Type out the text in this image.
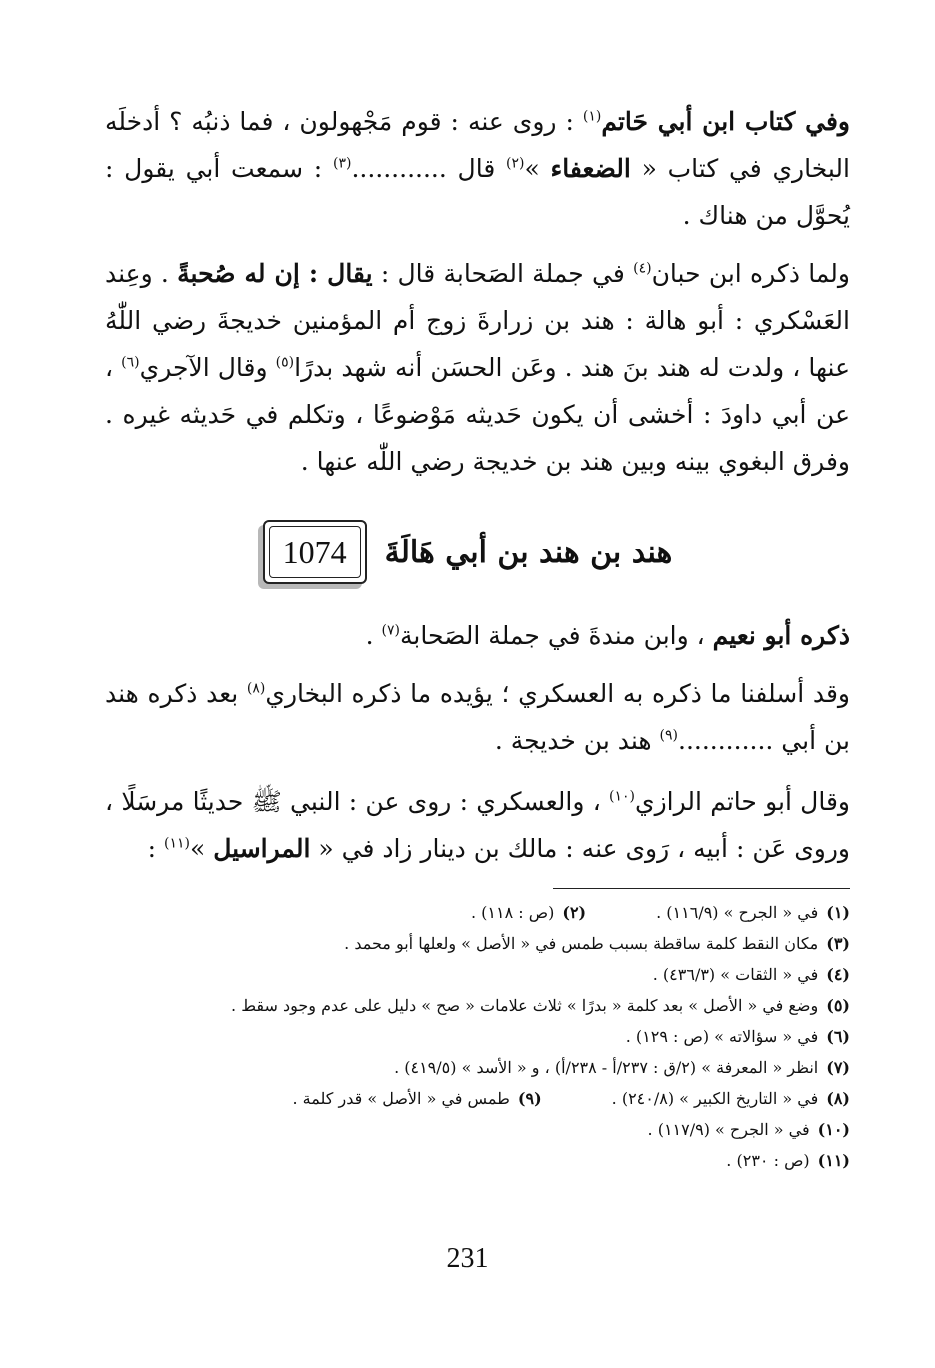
وفي كتاب ابن أبي حَاتم$^{(١)}$ : روى عنه : قوم مَجْهولون ، فما ذنبُه ؟ أدخلَه البخاري في كتاب « الضعفاء »$^{(٢)}$ قال ............$^{(٣)}$ : سمعت أبي يقول : يُحوَّل من هناك .

ولما ذكره ابن حبان$^{(٤)}$ في جملة الصَحابة قال : يقال : إن له صُحبةً . وعِند العَسْكري : أبو هالة : هند بن زرارةَ زوج أم المؤمنين خديجةَ رضي اللّٰهُ عنها ، ولدت له هند بنَ هند . وعَن الحسَن أنه شهد بدرًا$^{(٥)}$ وقال الآجري$^{(٦)}$ ، عن أبي داودَ : أخشى أن يكون حَديثه مَوْضوعًا ، وتكلم في حَديثه غيره . وفرق البغوي بينه وبين هند بن خديجة رضي اللّٰه عنها .

هند بن هند بن أبي هَالَةَ
1074

ذكره أبو نعيم ، وابن مندةَ في جملة الصَحابة$^{(٧)}$ .

وقد أسلفنا ما ذكره به العسكري ؛ يؤيده ما ذكره البخاري$^{(٨)}$ بعد ذكره هند بن أبي ............$^{(٩)}$ هند بن خديجة .

وقال أبو حاتم الرازي$^{(١٠)}$ ، والعسكري : روى عن : النبي ﷺ حديثًا مرسَلًا ، وروى عَن : أبيه ، رَوى عنه : مالك بن دينار زاد في « المراسيل »$^{(١١)}$ :

(١)في « الجرح » (١١٦/٩) .(٢)(ص : ١١٨) .
(٣)مكان النقط كلمة ساقطة بسبب طمس في « الأصل » ولعلها أبو محمد .
(٤)في « الثقات » (٤٣٦/٣) .
(٥)وضع في « الأصل » بعد كلمة « بدرًا » ثلاث علامات « صح » دليل على عدم وجود سقط .
(٦)في « سؤالاته » (ص : ١٢٩) .
(٧)انظر « المعرفة » (٢/ق : ٢٣٧/أ - ٢٣٨/أ) ، و « الأسد » (٤١٩/٥) .
(٨)في « التاريخ الكبير » (٢٤٠/٨) .(٩)طمس في « الأصل » قدر كلمة .
(١٠)في « الجرح » (١١٧/٩) .
(١١)(ص : ٢٣٠) .
231
